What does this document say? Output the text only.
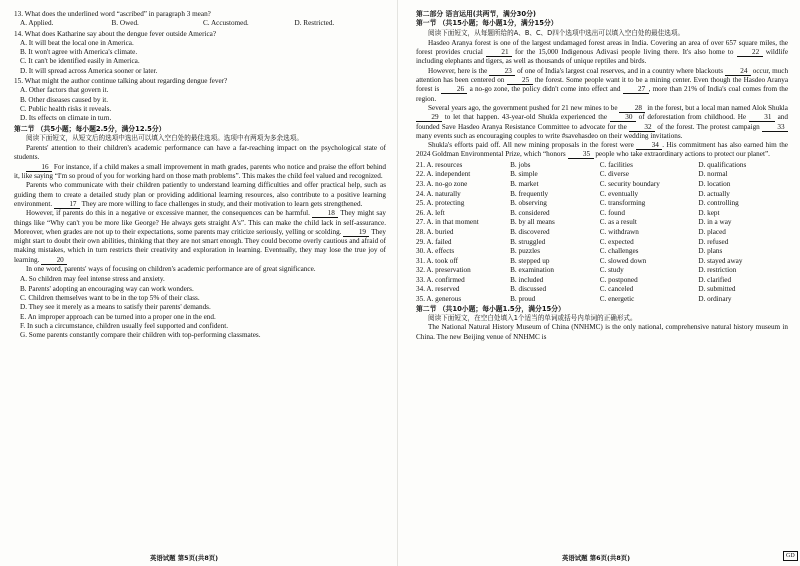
13. What does the underlined word “ascribed” in paragraph 3 mean?

A. Applied.	B. Owed.	C. Accustomed.	D. Restricted.

14. What does Katharine say about the dengue fever outside America?

A. It will beat the local one in America.

B. It won't agree with America's climate.

C. It can't be identified easily in America.

D. It will spread across America sooner or later.

15. What might the author continue talking about regarding dengue fever?

A. Other factors that govern it.

B. Other diseases caused by it.

C. Public health risks it reveals.

D. Its effects on climate in turn.

第二节 （共5小题；每小题2.5分，满分12.5分）

阅读下面短文，从短文后的选项中选出可以填入空白处的最佳选项。选项中有两项为多余选项。

Parents' attention to their children's academic performance can have a far-reaching impact on the psychological state of students.

16 For instance, if a child makes a small improvement in math grades, parents who notice and praise the effort behind it, like saying “I'm so proud of you for working hard on those math problems”. This makes the child feel valued and recognized.

Parents who communicate with their children patiently to understand learning difficulties and offer practical help, such as guiding them to create a detailed study plan or providing additional learning resources, also contribute to a positive learning environment. 17 They are more willing to face challenges in study, and their motivation to learn gets strengthened.

However, if parents do this in a negative or excessive manner, the consequences can be harmful. 18 They might say things like “Why can't you be more like George? He always gets straight A's”. This can make the child lack in self-assurance. Moreover, when grades are not up to their expectations, some parents may criticize seriously, yelling or scolding. 19 They might start to doubt their own abilities, thinking that they are not smart enough. They could become overly cautious and afraid of making mistakes, which in turn restricts their creativity and exploration in learning. Eventually, they may lose the true joy of learning. 20

In one word, parents' ways of focusing on children's academic performance are of great significance.

A. So children may feel intense stress and anxiety.

B. Parents' adopting an encouraging way can work wonders.

C. Children themselves want to be in the top 5% of their class.

D. They see it merely as a means to satisfy their parents' demands.

E. An improper approach can be turned into a proper one in the end.

F. In such a circumstance, children usually feel supported and confident.

G. Some parents constantly compare their children with top-performing classmates.

第二部分 语言运用(共两节，满分30分)

第一节 （共15小题；每小题1分，满分15分）

阅读下面短文，从每题所给的A、B、C、D四个选项中选出可以填入空白处的最佳选项。

Hasdeo Aranya forest is one of the largest undamaged forest areas in India. Covering an area of over 657 square miles, the forest provides crucial	21 for the 15,000 Indigenous Adivasi people living there. It's also home to	22 wildlife including elephants and tigers, as well as thousands of unique reptiles and birds.

However, here is the 23 of one of India's largest coal reserves, and in a country where blackouts 24 occur, much attention has been centered on 25 the forest. Some people want it to be a mining center. Even though the Hasdeo Aranya forest is 26 a no-go zone, the policy didn't come into effect and 27 , more than 21% of India's coal comes from the region.

Several years ago, the government pushed for 21 new mines to be 28 in the forest, but a local man named Alok Shukla 29 to let that happen. 43-year-old Shukla experienced the	30 of deforestation from childhood. He	31 and founded Save Hasdeo Aranya Resistance Committee to advocate for the 32 of the forest. The protest campaign 33 many events such as encouraging couples to write #savehasdeo on their wedding invitations.

Shukla's efforts paid off. All new mining proposals in the forest were 34 . His commitment has also earned him the 2024 Goldman Environmental Prize, which “honors 35 people who take extraordinary actions to protect our planet”.

21. A. resources	B. jobs	C. facilities	D. qualifications
22. A. independent	B. simple	C. diverse	D. normal
23. A. no-go zone	B. market	C. security boundary	D. location
24. A. naturally	B. frequently	C. eventually	D. actually
25. A. protecting	B. observing	C. transforming	D. controlling
26. A. left	B. considered	C. found	D. kept
27. A. in that moment	B. by all means	C. as a result	D. in a way
28. A. buried	B. discovered	C. withdrawn	D. placed
29. A. failed	B. struggled	C. expected	D. refused
30. A. effects	B. puzzles	C. challenges	D. plans
31. A. took off	B. stepped up	C. slowed down	D. stayed away
32. A. preservation	B. examination	C. study	D. restriction
33. A. confirmed	B. included	C. postponed	D. clarified
34. A. reserved	B. discussed	C. canceled	D. submitted
35. A. generous	B. proud	C. energetic	D. ordinary

第二节 （共10小题；每小题1.5分，满分15分）

阅读下面短文，在空白处填入1个适当的单词或括号内单词的正确形式。

The National Natural History Museum of China (NNHMC) is the only national, comprehensive natural history museum in China. The new Beijing venue of NNHMC is

英语试题 第5页(共8页)	英语试题 第6页(共8页)	GD
